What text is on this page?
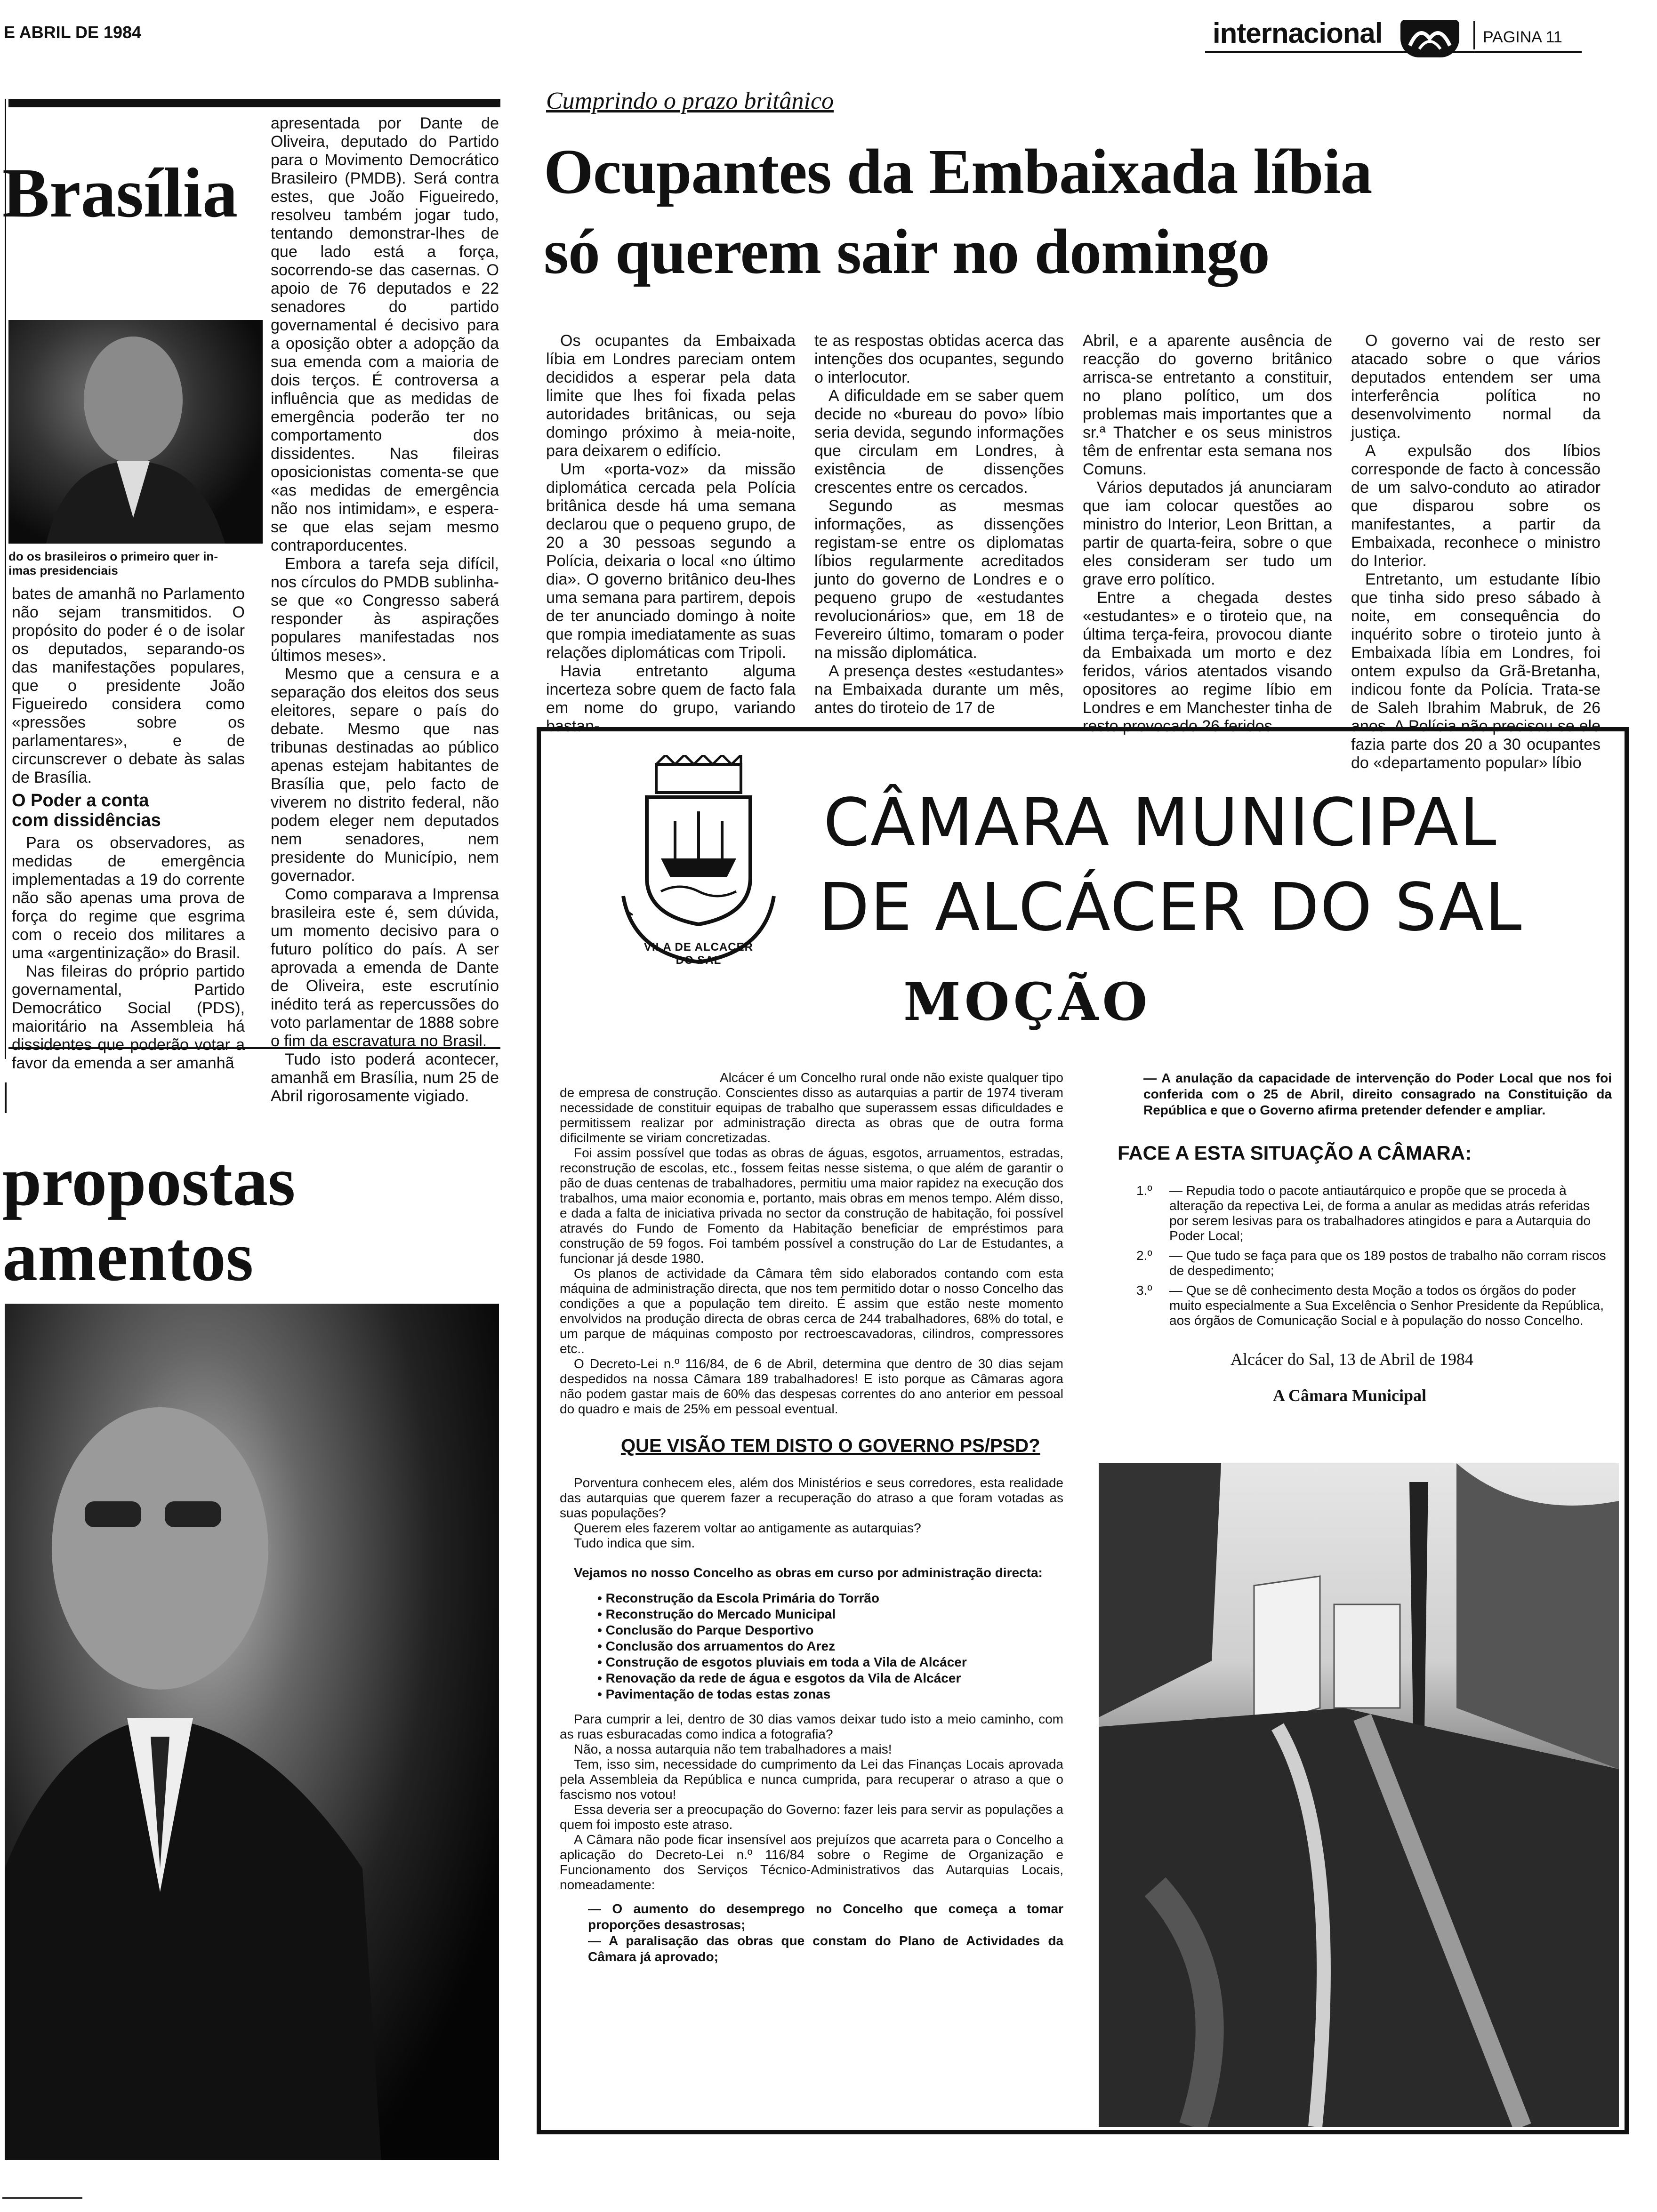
E ABRIL DE 1984	internacional	PAGINA 11
Brasília
do os brasileiros o primeiro quer in-
imas presidenciais

bates de amanhã no Parlamento não sejam transmitidos. O propósito do poder é o de isolar os deputados, separando-os das manifestações populares, que o presidente João Figueiredo considera como «pressões sobre os parlamentares», e de circunscrever o debate às salas de Brasília.

O Poder a conta
com dissidências

Para os observadores, as medidas de emergência implementadas a 19 do corrente não são apenas uma prova de força do regime que esgrima com o receio dos militares a uma «argentinização» do Brasil.

Nas fileiras do próprio partido governamental, Partido Democrático Social (PDS), maioritário na Assembleia há dissidentes que poderão votar a favor da emenda a ser amanhã

apresentada por Dante de Oliveira, deputado do Partido para o Movimento Democrático Brasileiro (PMDB). Será contra estes, que João Figueiredo, resolveu também jogar tudo, tentando demonstrar-lhes de que lado está a força, socorrendo-se das casernas. O apoio de 76 deputados e 22 senadores do partido governamental é decisivo para a oposição obter a adopção da sua emenda com a maioria de dois terços. É controversa a influência que as medidas de emergência poderão ter no comportamento dos dissidentes. Nas fileiras oposicionistas comenta-se que «as medidas de emergência não nos intimidam», e espera-se que elas sejam mesmo contraporducentes.

Embora a tarefa seja difícil, nos círculos do PMDB sublinha-se que «o Congresso saberá responder às aspirações populares manifestadas nos últimos meses».

Mesmo que a censura e a separação dos eleitos dos seus eleitores, separe o país do debate. Mesmo que nas tribunas destinadas ao público apenas estejam habitantes de Brasília que, pelo facto de viverem no distrito federal, não podem eleger nem deputados nem senadores, nem presidente do Município, nem governador.

Como comparava a Imprensa brasileira este é, sem dúvida, um momento decisivo para o futuro político do país. A ser aprovada a emenda de Dante de Oliveira, este escrutínio inédito terá as repercussões do voto parlamentar de 1888 sobre o fim da escravatura no Brasil.

Tudo isto poderá acontecer, amanhã em Brasília, num 25 de Abril rigorosamente vigiado.

propostas
amentos
Cumprindo o prazo britânico
Ocupantes da Embaixada líbia
só querem sair no domingo

Os ocupantes da Embaixada líbia em Londres pareciam ontem decididos a esperar pela data limite que lhes foi fixada pelas autoridades britânicas, ou seja domingo próximo à meia-noite, para deixarem o edifício.

Um «porta-voz» da missão diplomática cercada pela Polícia britânica desde há uma semana declarou que o pequeno grupo, de 20 a 30 pessoas segundo a Polícia, deixaria o local «no último dia». O governo britânico deu-lhes uma semana para partirem, depois de ter anunciado domingo à noite que rompia imediatamente as suas relações diplomáticas com Tripoli.

Havia entretanto alguma incerteza sobre quem de facto fala em nome do grupo, variando bastan-

te as respostas obtidas acerca das intenções dos ocupantes, segundo o interlocutor.

A dificuldade em se saber quem decide no «bureau do povo» líbio seria devida, segundo informações que circulam em Londres, à existência de dissenções crescentes entre os cercados.

Segundo as mesmas informações, as dissenções registam-se entre os diplomatas líbios regularmente acreditados junto do governo de Londres e o pequeno grupo de «estudantes revolucionários» que, em 18 de Fevereiro último, tomaram o poder na missão diplomática.

A presença destes «estudantes» na Embaixada durante um mês, antes do tiroteio de 17 de

Abril, e a aparente ausência de reacção do governo britânico arrisca-se entretanto a constituir, no plano político, um dos problemas mais importantes que a sr.ª Thatcher e os seus ministros têm de enfrentar esta semana nos Comuns.

Vários deputados já anunciaram que iam colocar questões ao ministro do Interior, Leon Brittan, a partir de quarta-feira, sobre o que eles consideram ser tudo um grave erro político.

Entre a chegada destes «estudantes» e o tiroteio que, na última terça-feira, provocou diante da Embaixada um morto e dez feridos, vários atentados visando opositores ao regime líbio em Londres e em Manchester tinha de resto provocado 26 feridos.

O governo vai de resto ser atacado sobre o que vários deputados entendem ser uma interferência política no desenvolvimento normal da justiça.

A expulsão dos líbios corresponde de facto à concessão de um salvo-conduto ao atirador que disparou sobre os manifestantes, a partir da Embaixada, reconhece o ministro do Interior.

Entretanto, um estudante líbio que tinha sido preso sábado à noite, em consequência do inquérito sobre o tiroteio junto à Embaixada líbia em Londres, foi ontem expulso da Grã-Bretanha, indicou fonte da Polícia. Trata-se de Saleh Ibrahim Mabruk, de 26 anos. A Polícia não precisou se ele fazia parte dos 20 a 30 ocupantes do «departamento popular» líbio

VILA DE ALCACER DO SAL
CÂMARA MUNICIPAL
DE ALCÁCER DO SAL
MOÇÃO

Alcácer é um Concelho rural onde não existe qualquer tipo de empresa de construção. Conscientes disso as autarquias a partir de 1974 tiveram necessidade de constituir equipas de trabalho que superassem essas dificuldades e permitissem realizar por administração directa as obras que de outra forma dificilmente se viriam concretizadas.

Foi assim possível que todas as obras de águas, esgotos, arruamentos, estradas, reconstrução de escolas, etc., fossem feitas nesse sistema, o que além de garantir o pão de duas centenas de trabalhadores, permitiu uma maior rapidez na execução dos trabalhos, uma maior economia e, portanto, mais obras em menos tempo. Além disso, e dada a falta de iniciativa privada no sector da construção de habitação, foi possível através do Fundo de Fomento da Habitação beneficiar de empréstimos para construção de 59 fogos. Foi também possível a construção do Lar de Estudantes, a funcionar já desde 1980.

Os planos de actividade da Câmara têm sido elaborados contando com esta máquina de administração directa, que nos tem permitido dotar o nosso Concelho das condições a que a população tem direito. É assim que estão neste momento envolvidos na produção directa de obras cerca de 244 trabalhadores, 68% do total, e um parque de máquinas composto por rectroescavadoras, cilindros, compressores etc..

O Decreto-Lei n.º 116/84, de 6 de Abril, determina que dentro de 30 dias sejam despedidos na nossa Câmara 189 trabalhadores! E isto porque as Câmaras agora não podem gastar mais de 60% das despesas correntes do ano anterior em pessoal do quadro e mais de 25% em pessoal eventual.

QUE VISÃO TEM DISTO O GOVERNO PS/PSD?

Porventura conhecem eles, além dos Ministérios e seus corredores, esta realidade das autarquias que querem fazer a recuperação do atraso a que foram votadas as suas populações?

Querem eles fazerem voltar ao antigamente as autarquias?

Tudo indica que sim.

Vejamos no nosso Concelho as obras em curso por administração directa:

• Reconstrução da Escola Primária do Torrão
• Reconstrução do Mercado Municipal
• Conclusão do Parque Desportivo
• Conclusão dos arruamentos do Arez
• Construção de esgotos pluviais em toda a Vila de Alcácer
• Renovação da rede de água e esgotos da Vila de Alcácer
• Pavimentação de todas estas zonas

Para cumprir a lei, dentro de 30 dias vamos deixar tudo isto a meio caminho, com as ruas esburacadas como indica a fotografia?

Não, a nossa autarquia não tem trabalhadores a mais!

Tem, isso sim, necessidade do cumprimento da Lei das Finanças Locais aprovada pela Assembleia da República e nunca cumprida, para recuperar o atraso a que o fascismo nos votou!

Essa deveria ser a preocupação do Governo: fazer leis para servir as populações a quem foi imposto este atraso.

A Câmara não pode ficar insensível aos prejuízos que acarreta para o Concelho a aplicação do Decreto-Lei n.º 116/84 sobre o Regime de Organização e Funcionamento dos Serviços Técnico-Administrativos das Autarquias Locais, nomeadamente:

— O aumento do desemprego no Concelho que começa a tomar proporções desastrosas;

— A paralisação das obras que constam do Plano de Actividades da Câmara já aprovado;

— A anulação da capacidade de intervenção do Poder Local que nos foi conferida com o 25 de Abril, direito consagrado na Constituição da República e que o Governo afirma pretender defender e ampliar.

FACE A ESTA SITUAÇÃO A CÂMARA:
1.º	— Repudia todo o pacote antiautárquico e propõe que se proceda à alteração da repectiva Lei, de forma a anular as medidas atrás referidas por serem lesivas para os trabalhadores atingidos e para a Autarquia do Poder Local;
2.º	— Que tudo se faça para que os 189 postos de trabalho não corram riscos de despedimento;
3.º	— Que se dê conhecimento desta Moção a todos os órgãos do poder muito especialmente a Sua Excelência o Senhor Presidente da República, aos órgãos de Comunicação Social e à população do nosso Concelho.
Alcácer do Sal, 13 de Abril de 1984
A Câmara Municipal
